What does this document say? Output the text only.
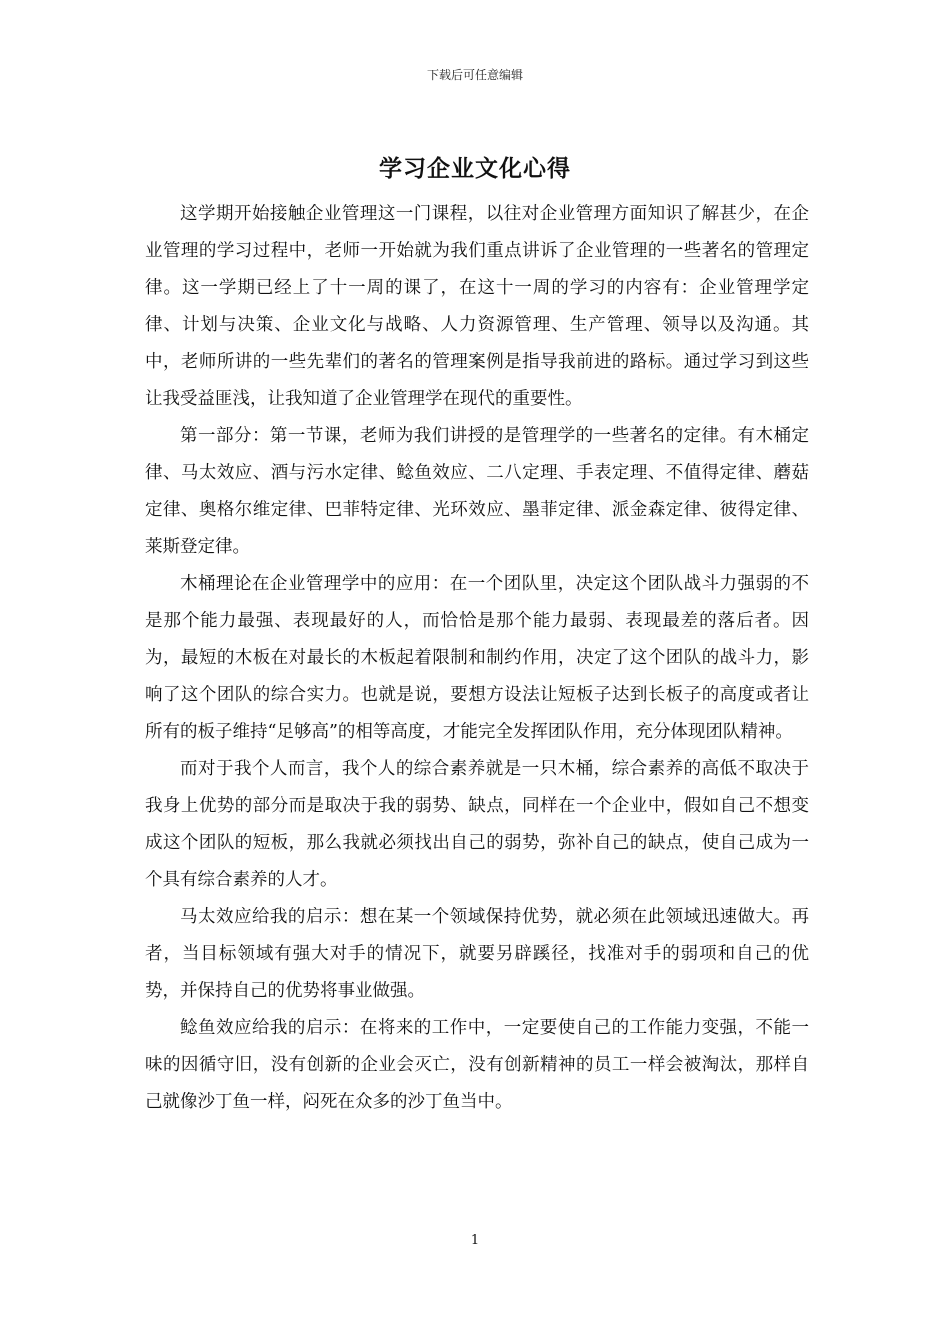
下载后可任意编辑
学习企业文化心得

这学期开始接触企业管理这一门课程，以往对企业管理方面知识了解甚少，在企业管理的学习过程中，老师一开始就为我们重点讲诉了企业管理的一些著名的管理定律。这一学期已经上了十一周的课了，在这十一周的学习的内容有：企业管理学定律、计划与决策、企业文化与战略、人力资源管理、生产管理、领导以及沟通。其中，老师所讲的一些先辈们的著名的管理案例是指导我前进的路标。通过学习到这些让我受益匪浅，让我知道了企业管理学在现代的重要性。

第一部分：第一节课，老师为我们讲授的是管理学的一些著名的定律。有木桶定律、马太效应、酒与污水定律、鲶鱼效应、二八定理、手表定理、不值得定律、蘑菇定律、奥格尔维定律、巴菲特定律、光环效应、墨菲定律、派金森定律、彼得定律、莱斯登定律。

木桶理论在企业管理学中的应用：在一个团队里，决定这个团队战斗力强弱的不是那个能力最强、表现最好的人，而恰恰是那个能力最弱、表现最差的落后者。因为，最短的木板在对最长的木板起着限制和制约作用，决定了这个团队的战斗力，影响了这个团队的综合实力。也就是说，要想方设法让短板子达到长板子的高度或者让所有的板子维持“足够高”的相等高度，才能完全发挥团队作用，充分体现团队精神。

而对于我个人而言，我个人的综合素养就是一只木桶，综合素养的高低不取决于我身上优势的部分而是取决于我的弱势、缺点，同样在一个企业中，假如自己不想变成这个团队的短板，那么我就必须找出自己的弱势，弥补自己的缺点，使自己成为一个具有综合素养的人才。

马太效应给我的启示：想在某一个领域保持优势，就必须在此领域迅速做大。再者，当目标领域有强大对手的情况下，就要另辟蹊径，找准对手的弱项和自己的优势，并保持自己的优势将事业做强。

鲶鱼效应给我的启示：在将来的工作中，一定要使自己的工作能力变强，不能一味的因循守旧，没有创新的企业会灭亡，没有创新精神的员工一样会被淘汰，那样自己就像沙丁鱼一样，闷死在众多的沙丁鱼当中。

1
